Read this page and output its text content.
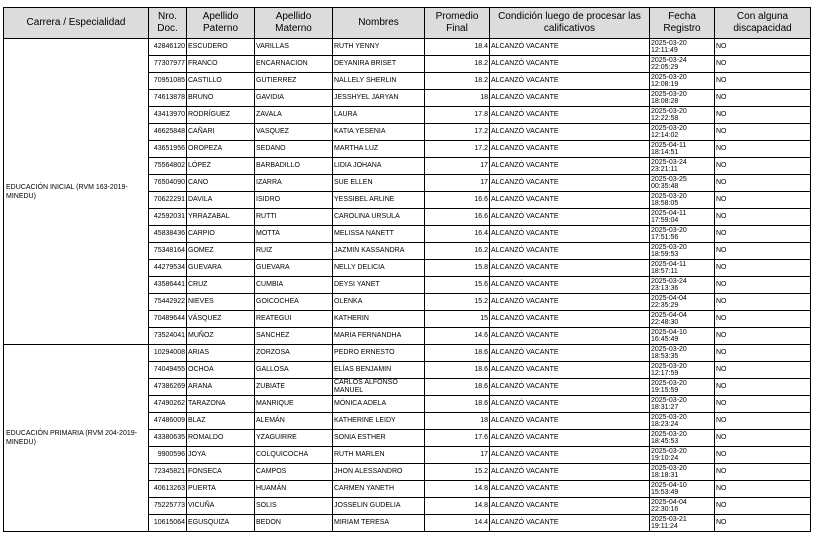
Carrera / Especialidad	Nro. Doc.	Apellido Paterno	Apellido Materno	Nombres	Promedio Final	Condición luego de procesar las calificativos	Fecha Registro	Con alguna discapacidad
EDUCACIÓN INICIAL (RVM 163-2019-MINEDU)	42846120	ESCUDERO	VARILLAS	RUTH YENNY	18.4	ALCANZÓ VACANTE	2025-03-20 12:11:49	NO
	77307977	FRANCO	ENCARNACION	DEYANIRA BRISET	18.2	ALCANZÓ VACANTE	2025-03-24 22:05:29	NO
	70951085	CASTILLO	GUTIERREZ	NALLELY SHERLIN	18.2	ALCANZÓ VACANTE	2025-03-20 12:08:19	NO
	74613878	BRUNO	GAVIDIA	JESSHYEL JARYAN	18	ALCANZÓ VACANTE	2025-03-20 18:08:28	NO
	43413970	RODRÍGUEZ	ZAVALA	LAURA	17.8	ALCANZÓ VACANTE	2025-03-20 12:22:58	NO
	46625848	CAÑARI	VASQUEZ	KATIA YESENIA	17.2	ALCANZÓ VACANTE	2025-03-20 12:14:02	NO
	43651956	OROPEZA	SEDANO	MARTHA LUZ	17.2	ALCANZÓ VACANTE	2025-04-11 18:14:51	NO
	75564802	LÓPEZ	BARBADILLO	LIDIA JOHANA	17	ALCANZÓ VACANTE	2025-03-24 23:21:11	NO
	76504090	CANO	IZARRA	SUE ELLEN	17	ALCANZÓ VACANTE	2025-03-25 00:35:48	NO
	70622291	DAVILA	ISIDRO	YESSIBEL ARLINE	16.6	ALCANZÓ VACANTE	2025-03-20 18:58:05	NO
	42592031	YRRAZABAL	RUTTI	CAROLINA URSULA	16.6	ALCANZÓ VACANTE	2025-04-11 17:59:04	NO
	45838436	CARPIO	MOTTA	MELISSA NANETT	16.4	ALCANZÓ VACANTE	2025-03-20 17:51:56	NO
	75348164	GOMEZ	RUIZ	JAZMIN KASSANDRA	16.2	ALCANZÓ VACANTE	2025-03-20 18:59:53	NO
	44279534	GUEVARA	GUEVARA	NELLY DELICIA	15.8	ALCANZÓ VACANTE	2025-04-11 18:57:11	NO
	43586441	CRUZ	CUMBIA	DEYSI YANET	15.6	ALCANZÓ VACANTE	2025-03-24 23:13:36	NO
	75442922	NIEVES	GOICOCHEA	OLENKA	15.2	ALCANZÓ VACANTE	2025-04-04 22:35:29	NO
	70489644	VÁSQUEZ	REATEGUI	KATHERIN	15	ALCANZÓ VACANTE	2025-04-04 22:48:30	NO
	73524041	MUÑOZ	SANCHEZ	MARIA FERNANDHA	14.6	ALCANZÓ VACANTE	2025-04-10 16:45:49	NO
EDUCACIÓN PRIMARIA (RVM 204-2019-MINEDU)	10294008	ARIAS	ZORZOSA	PEDRO ERNESTO	18.6	ALCANZÓ VACANTE	2025-03-20 18:53:35	NO
	74049455	OCHOA	GALLOSA	ELÍAS BENJAMIN	18.6	ALCANZÓ VACANTE	2025-03-20 12:17:59	NO
	47386269	ARANA	ZUBIATE	CARLOS ALFONSO MANUEL	18.6	ALCANZÓ VACANTE	2025-03-20 19:15:59	NO
	47490262	TARAZONA	MANRIQUE	MÓNICA ADELA	18.6	ALCANZÓ VACANTE	2025-03-20 18:31:27	NO
	47486009	BLAZ	ALEMÁN	KATHERINE LEIDY	18	ALCANZÓ VACANTE	2025-03-20 18:23:24	NO
	43380635	ROMALDO	YZAGUIRRE	SONIA ESTHER	17.6	ALCANZÓ VACANTE	2025-03-20 18:45:53	NO
	9900596	JOYA	COLQUICOCHA	RUTH MARLEN	17	ALCANZÓ VACANTE	2025-03-20 19:10:24	NO
	72345821	FONSECA	CAMPOS	JHON ALESSANDRO	15.2	ALCANZÓ VACANTE	2025-03-20 18:18:31	NO
	40613263	PUERTA	HUAMÁN	CARMEN YANETH	14.8	ALCANZÓ VACANTE	2025-04-10 15:53:49	NO
	75225773	VICUÑA	SOLIS	JOSSELIN GUDELIA	14.8	ALCANZÓ VACANTE	2025-04-04 22:30:16	NO
	10615064	EGUSQUIZA	BEDON	MIRIAM TERESA	14.4	ALCANZÓ VACANTE	2025-03-21 19:11:24	NO
